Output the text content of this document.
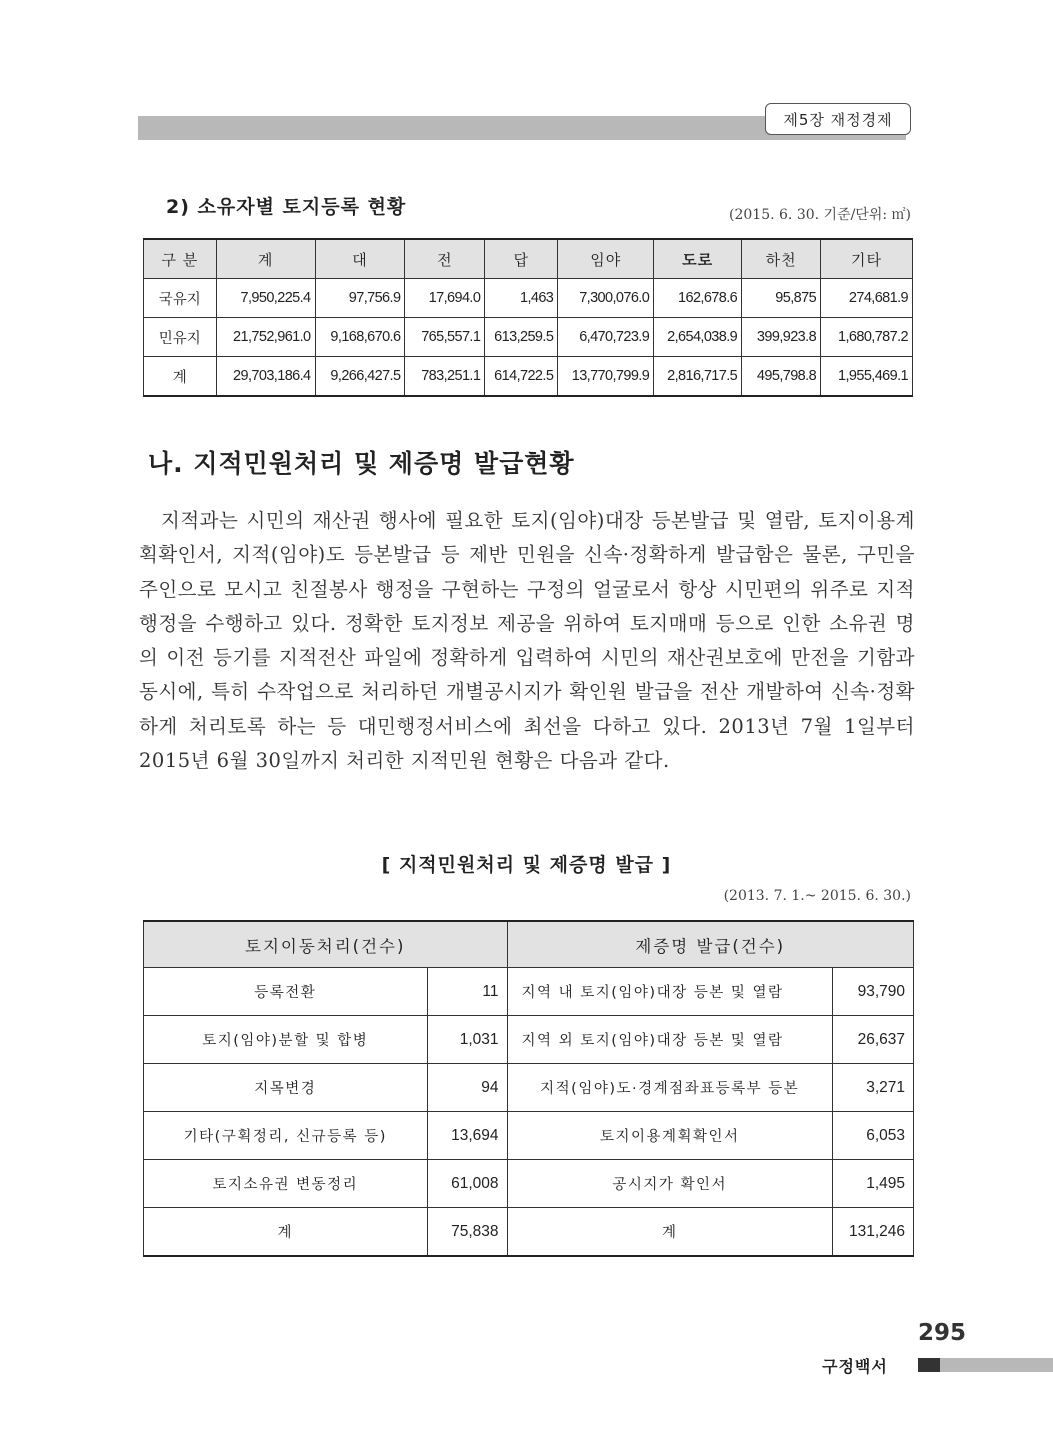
제5장 재정경제
2) 소유자별 토지등록 현황	(2015. 6. 30. 기준/단위: ㎡)
구 분	계	대	전	답	임야	도로	하천	기타
국유지	7,950,225.4	97,756.9	17,694.0	1,463	7,300,076.0	162,678.6	95,875	274,681.9
민유지	21,752,961.0	9,168,670.6	765,557.1	613,259.5	6,470,723.9	2,654,038.9	399,923.8	1,680,787.2
계	29,703,186.4	9,266,427.5	783,251.1	614,722.5	13,770,799.9	2,816,717.5	495,798.8	1,955,469.1
나. 지적민원처리 및 제증명 발급현황
지적과는 시민의 재산권 행사에 필요한 토지(임야)대장 등본발급 및 열람, 토지이용계획확인서, 지적(임야)도 등본발급 등 제반 민원을 신속·정확하게 발급함은 물론, 구민을 주인으로 모시고 친절봉사 행정을 구현하는 구정의 얼굴로서 항상 시민편의 위주로 지적행정을 수행하고 있다. 정확한 토지정보 제공을 위하여 토지매매 등으로 인한 소유권 명의 이전 등기를 지적전산 파일에 정확하게 입력하여 시민의 재산권보호에 만전을 기함과 동시에, 특히 수작업으로 처리하던 개별공시지가 확인원 발급을 전산 개발하여 신속·정확하게 처리토록 하는 등 대민행정서비스에 최선을 다하고 있다. 2013년 7월 1일부터 2015년 6월 30일까지 처리한 지적민원 현황은 다음과 같다.
[ 지적민원처리 및 제증명 발급 ]
(2013. 7. 1.~ 2015. 6. 30.)
토지이동처리(건수)		제증명 발급(건수)	
등록전환	11	지역 내 토지(임야)대장 등본 및 열람	93,790
토지(임야)분할 및 합병	1,031	지역 외 토지(임야)대장 등본 및 열람	26,637
지목변경	94	지적(임야)도·경계점좌표등록부 등본	3,271
기타(구획정리, 신규등록 등)	13,694	토지이용계획확인서	6,053
토지소유권 변동정리	61,008	공시지가 확인서	1,495
계	75,838	계	131,246
295
구정백서
